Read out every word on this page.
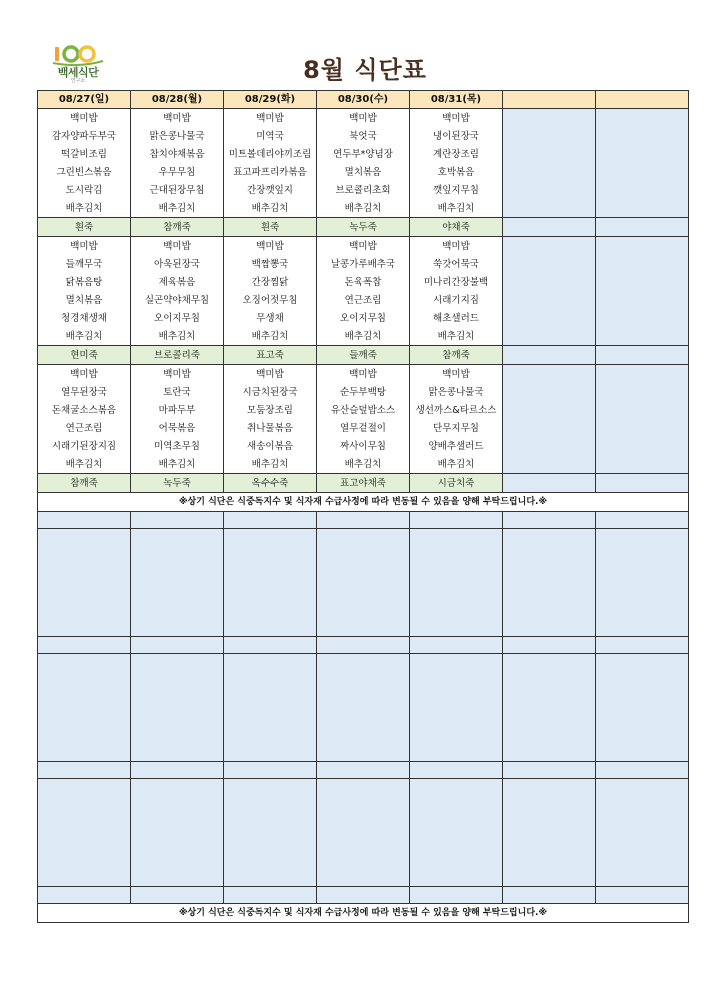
백세식단
연구소	8월 식단표
08/27(일)	08/28(월)	08/29(화)	08/30(수)	08/31(목)		
백미밥	백미밥	백미밥	백미밥	백미밥		
감자양파두부국	맑은콩나물국	미역국	북엇국	냉이된장국		
떡갈비조림	참치야채볶음	미트볼데리야끼조림	연두부*양념장	계란장조림		
그린빈스볶음	우무무침	표고파프리카볶음	멸치볶음	호박볶음		
도시락김	근대된장무침	간장깻잎지	브로콜리초회	깻잎지무침		
배추김치	배추김치	배추김치	배추김치	배추김치		
흰죽	참깨죽	흰죽	녹두죽	야채죽		
백미밥	백미밥	백미밥	백미밥	백미밥		
들깨무국	아욱된장국	백짬뽕국	날콩가루배추국	쑥갓어묵국		
닭볶음탕	제육볶음	간장찜닭	돈육폭찹	미나리간장불백		
멸치볶음	실곤약야채무침	오징어젓무침	연근조림	시래기지짐		
청경채생채	오이지무침	무생채	오이지무침	해초샐러드		
배추김치	배추김치	배추김치	배추김치	배추김치		
현미죽	브로콜리죽	표고죽	들깨죽	참깨죽		
백미밥	백미밥	백미밥	백미밥	백미밥		
열무된장국	토란국	시금치된장국	순두부백탕	맑은콩나물국		
돈채굴소스볶음	마파두부	모둠장조림	유산슬덮밥소스	생선까스&타르소스		
연근조림	어묵볶음	취나물볶음	열무겉절이	단무지무침		
시래기된장지짐	미역초무침	새송이볶음	짜사이무침	양배추샐러드		
배추김치	배추김치	배추김치	배추김치	배추김치		
참깨죽	녹두죽	옥수수죽	표고야채죽	시금치죽		
※상기 식단은 식중독지수 및 식자재 수급사정에 따라 변동될 수 있음을 양해 부탁드립니다.※						

※상기 식단은 식중독지수 및 식자재 수급사정에 따라 변동될 수 있음을 양해 부탁드립니다.※						
